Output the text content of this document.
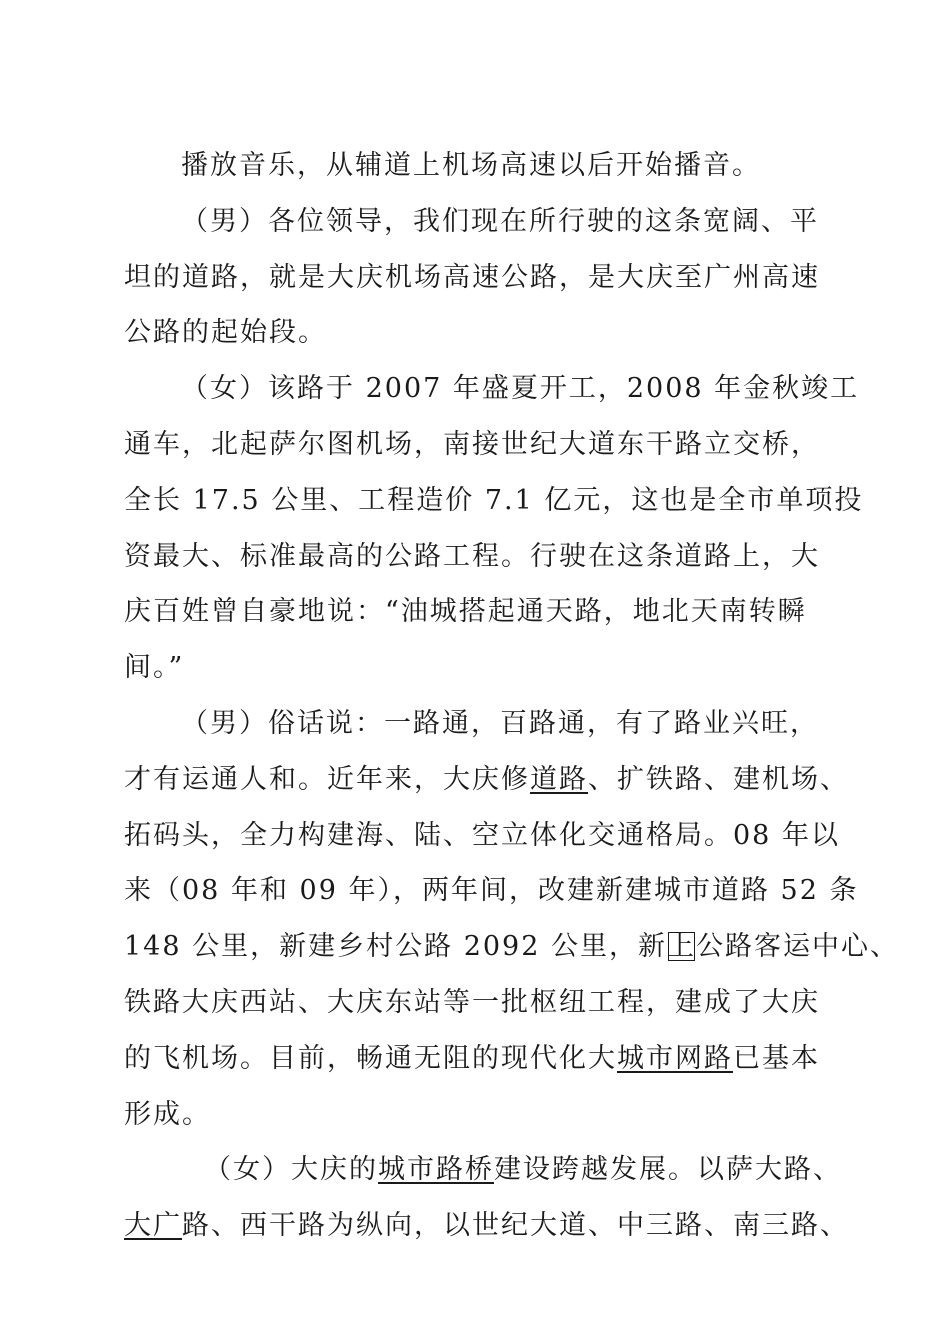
播放音乐，从辅道上机场高速以后开始播音。
（男）各位领导，我们现在所行驶的这条宽阔、平
坦的道路，就是大庆机场高速公路，是大庆至广州高速
公路的起始段。
（女）该路于 2007 年盛夏开工，2008 年金秋竣工
通车，北起萨尔图机场，南接世纪大道东干路立交桥，
全长 17.5 公里、工程造价 7.1 亿元，这也是全市单项投
资最大、标准最高的公路工程。行驶在这条道路上，大
庆百姓曾自豪地说：“油城搭起通天路，地北天南转瞬
间。”
（男）俗话说：一路通，百路通，有了路业兴旺，
才有运通人和。近年来，大庆修道路、扩铁路、建机场、
拓码头，全力构建海、陆、空立体化交通格局。08 年以
来（08 年和 09 年），两年间，改建新建城市道路 52 条
148 公里，新建乡村公路 2092 公里，新上公路客运中心、
铁路大庆西站、大庆东站等一批枢纽工程，建成了大庆
的飞机场。目前，畅通无阻的现代化大城市网路已基本
形成。
（女）大庆的城市路桥建设跨越发展。以萨大路、
大广路、西干路为纵向，以世纪大道、中三路、南三路、
